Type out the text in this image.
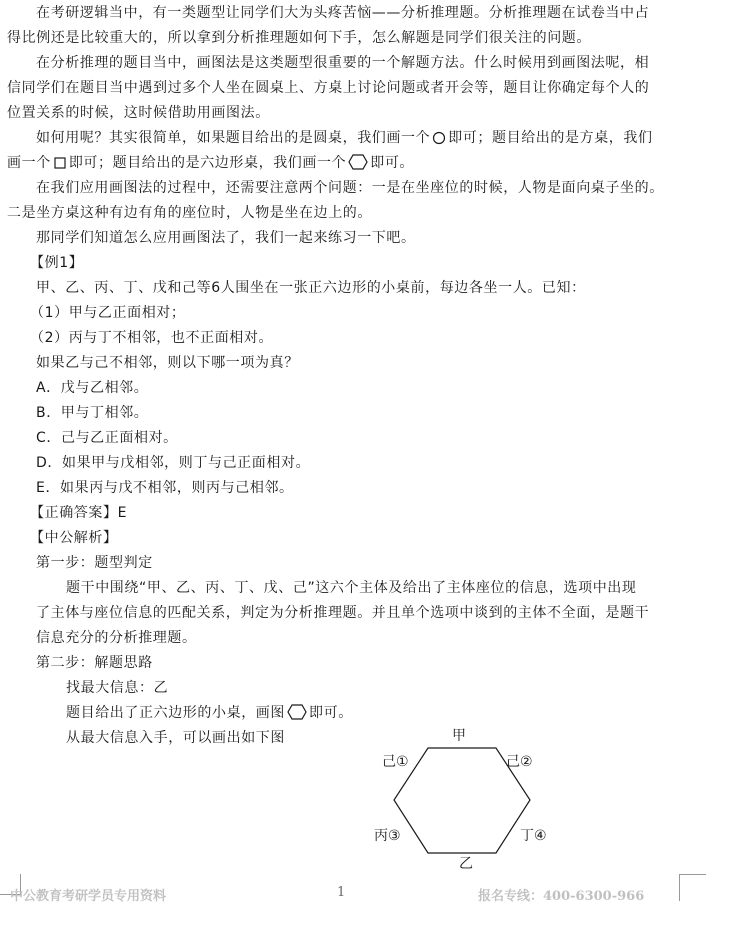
在考研逻辑当中，有一类题型让同学们大为头疼苦恼——分析推理题。分析推理题在试卷当中占
得比例还是比较重大的，所以拿到分析推理题如何下手，怎么解题是同学们很关注的问题。
在分析推理的题目当中，画图法是这类题型很重要的一个解题方法。什么时候用到画图法呢，相
信同学们在题目当中遇到过多个人坐在圆桌上、方桌上讨论问题或者开会等，题目让你确定每个人的
位置关系的时候，这时候借助用画图法。
如何用呢？其实很简单，如果题目给出的是圆桌，我们画一个 即可；题目给出的是方桌，我们
画一个 即可；题目给出的是六边形桌，我们画一个 即可。
在我们应用画图法的过程中，还需要注意两个问题：一是在坐座位的时候，人物是面向桌子坐的。
二是坐方桌这种有边有角的座位时，人物是坐在边上的。
那同学们知道怎么应用画图法了，我们一起来练习一下吧。
【例1】
甲、乙、丙、丁、戊和己等6人围坐在一张正六边形的小桌前，每边各坐一人。已知：
（1）甲与乙正面相对；
（2）丙与丁不相邻，也不正面相对。
如果乙与己不相邻，则以下哪一项为真？
A．戊与乙相邻。
B．甲与丁相邻。
C．己与乙正面相对。
D．如果甲与戊相邻，则丁与己正面相对。
E．如果丙与戊不相邻，则丙与己相邻。
【正确答案】E
【中公解析】
第一步：题型判定
题干中围绕“甲、乙、丙、丁、戊、己”这六个主体及给出了主体座位的信息，选项中出现
了主体与座位信息的匹配关系，判定为分析推理题。并且单个选项中谈到的主体不全面，是题干
信息充分的分析推理题。
第二步：解题思路
找最大信息：乙
题目给出了正六边形的小桌，画图 即可。
从最大信息入手，可以画出如下图	甲
己①	己②
丙③	丁④
乙
中公教育考研学员专用资料	1	报名专线：400-6300-966
